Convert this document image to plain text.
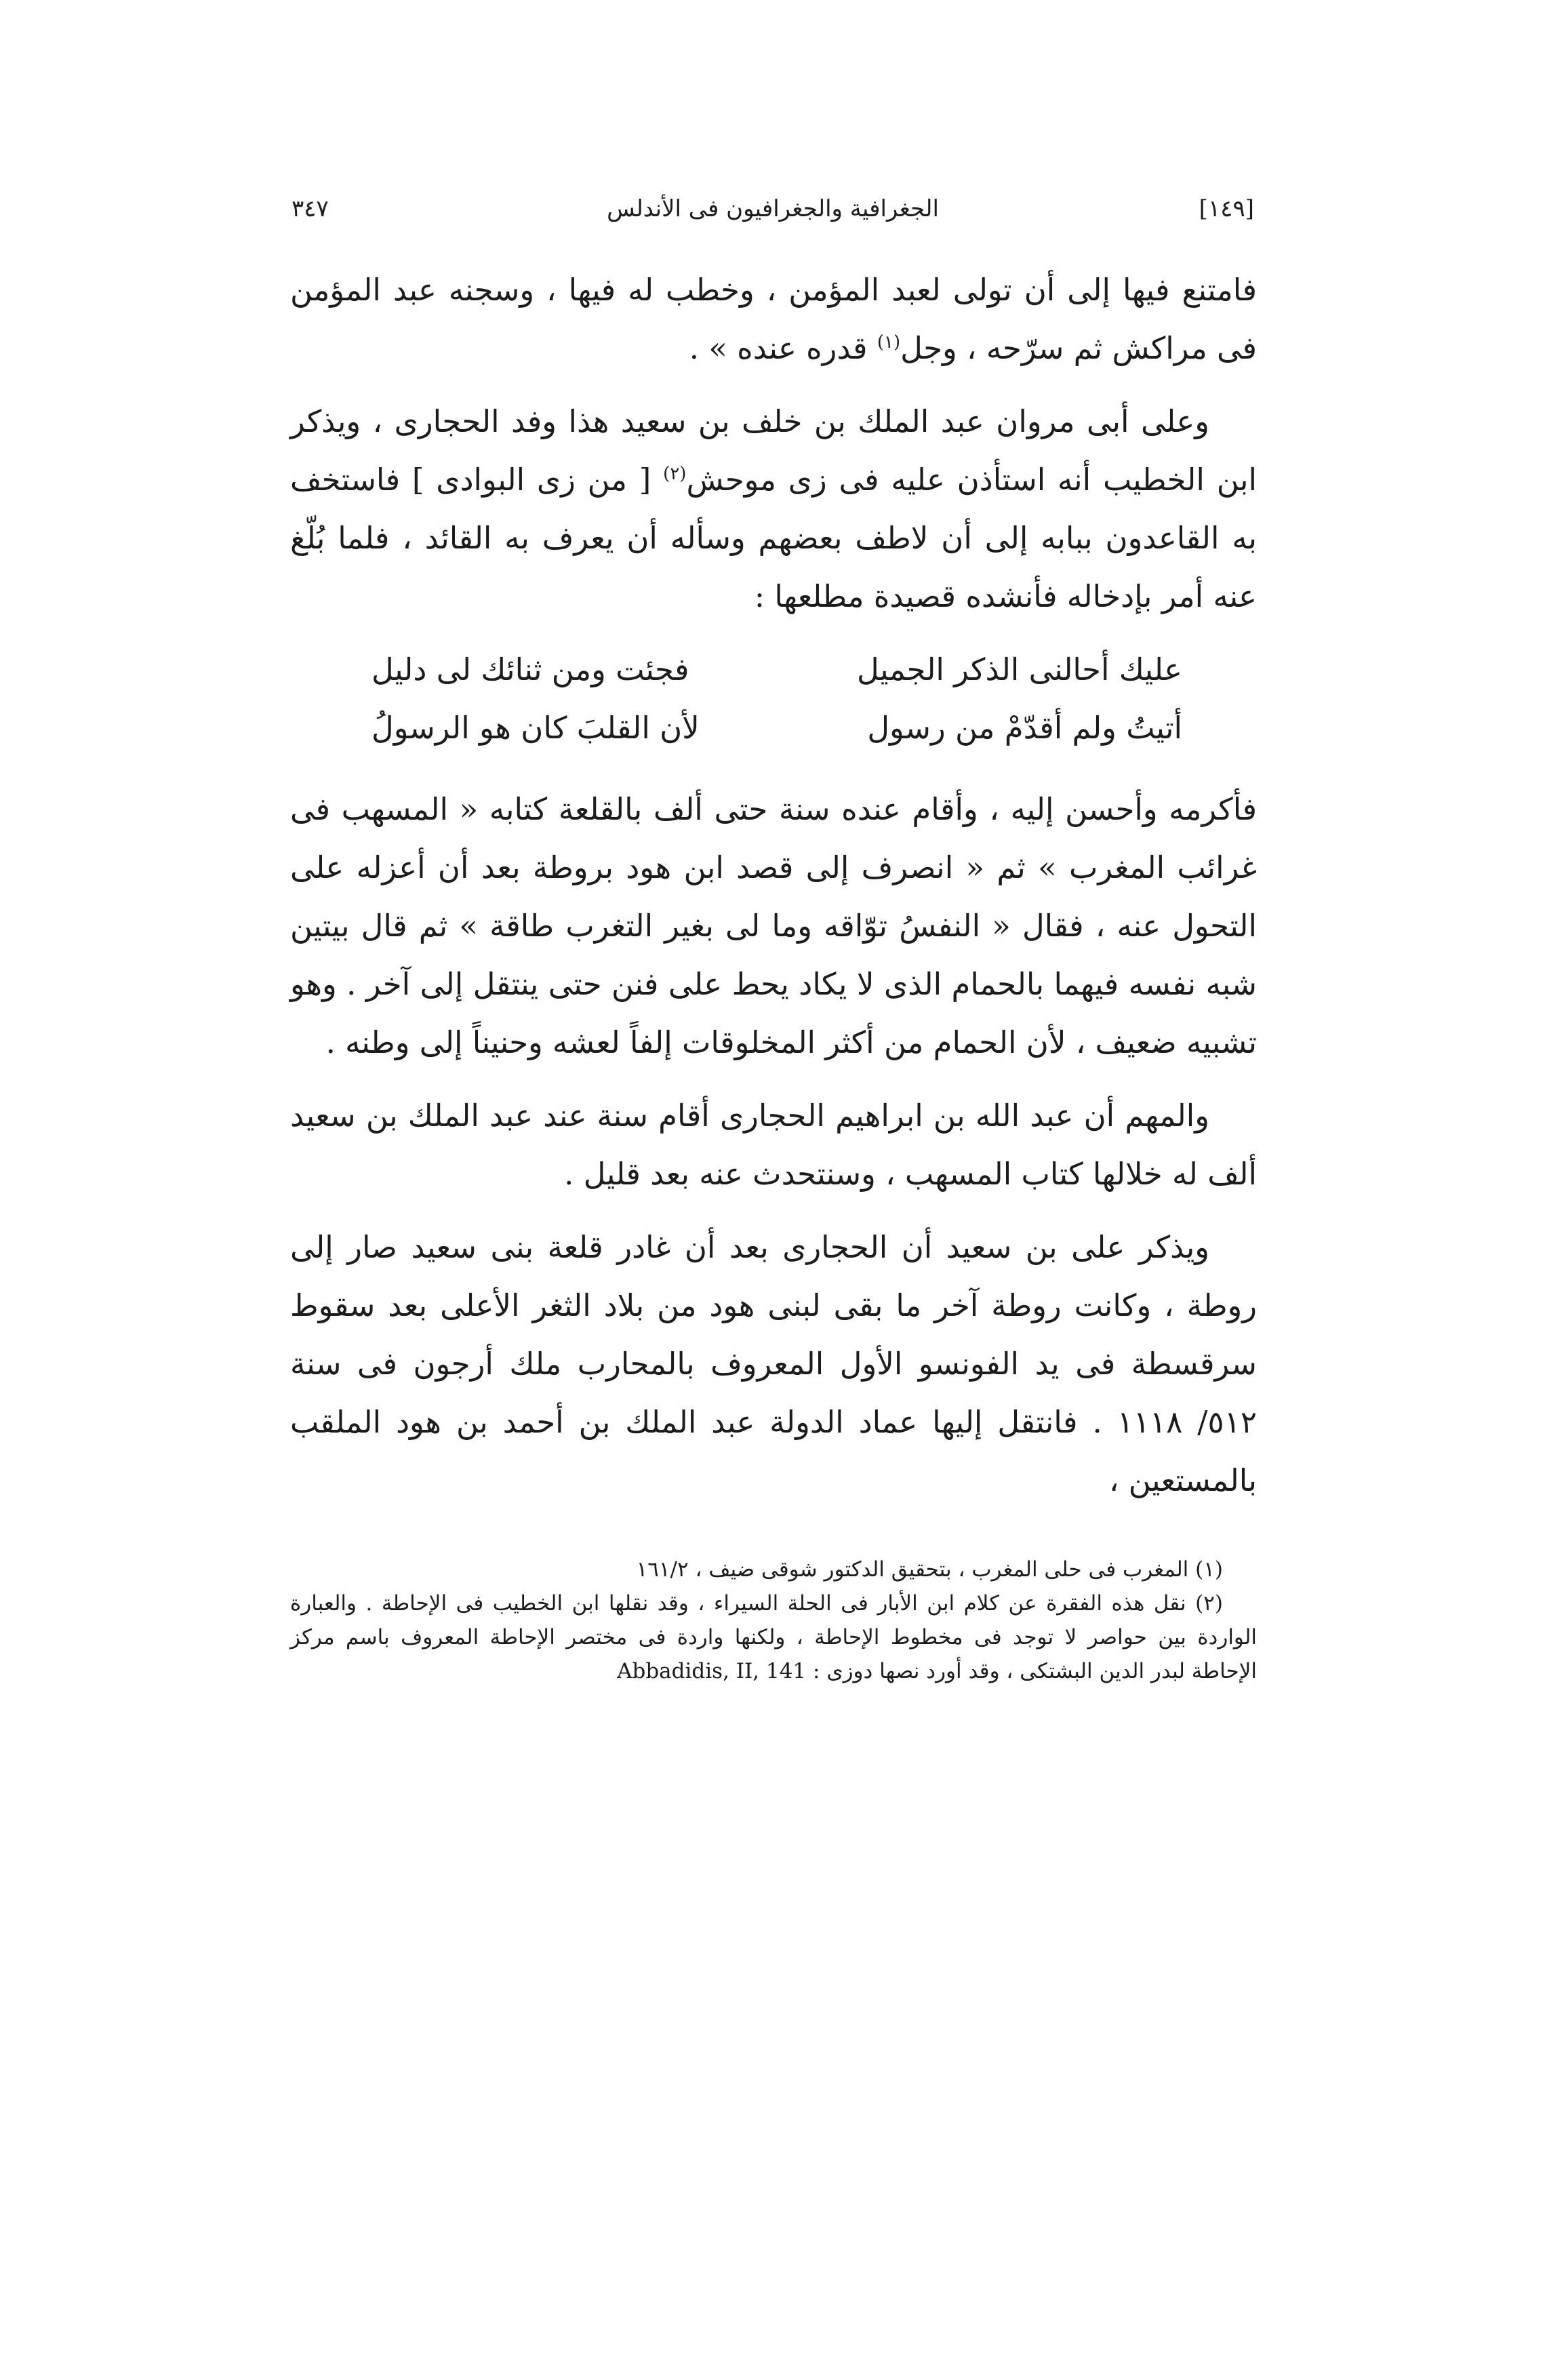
٣٤٧	الجغرافية والجغرافيون فى الأندلس	[١٤٩]

فامتنع فيها إلى أن تولى لعبد المؤمن ، وخطب له فيها ، وسجنه عبد المؤمن فى مراكش ثم سرّحه ، وجل$^{(١)}$ قدره عنده » .

وعلى أبى مروان عبد الملك بن خلف بن سعيد هذا وفد الحجارى ، ويذكر ابن الخطيب أنه استأذن عليه فى زى موحش$^{(٢)}$ [ من زى البوادى ] فاستخف به القاعدون ببابه إلى أن لاطف بعضهم وسأله أن يعرف به القائد ، فلما بُلّغ عنه أمر بإدخاله فأنشده قصيدة مطلعها :

عليك أحالنى الذكر الجميل
فجئت ومن ثنائك لى دليل
أتيتُ ولم أقدّمْ من رسول
لأن القلبَ كان هو الرسولُ

فأكرمه وأحسن إليه ، وأقام عنده سنة حتى ألف بالقلعة كتابه « المسهب فى غرائب المغرب » ثم « انصرف إلى قصد ابن هود بروطة بعد أن أعزله على التحول عنه ، فقال « النفسُ توّاقه وما لى بغير التغرب طاقة » ثم قال بيتين شبه نفسه فيهما بالحمام الذى لا يكاد يحط على فنن حتى ينتقل إلى آخر . وهو تشبيه ضعيف ، لأن الحمام من أكثر المخلوقات إلفاً لعشه وحنيناً إلى وطنه .

والمهم أن عبد الله بن ابراهيم الحجارى أقام سنة عند عبد الملك بن سعيد ألف له خلالها كتاب المسهب ، وسنتحدث عنه بعد قليل .

ويذكر على بن سعيد أن الحجارى بعد أن غادر قلعة بنى سعيد صار إلى روطة ، وكانت روطة آخر ما بقى لبنى هود من بلاد الثغر الأعلى بعد سقوط سرقسطة فى يد الفونسو الأول المعروف بالمحارب ملك أرجون فى سنة ٥١٢/ ١١١٨ . فانتقل إليها عماد الدولة عبد الملك بن أحمد بن هود الملقب بالمستعين ،

(١) المغرب فى حلى المغرب ، بتحقيق الدكتور شوقى ضيف ، ١٦١/٢

(٢) نقل هذه الفقرة عن كلام ابن الأبار فى الحلة السيراء ، وقد نقلها ابن الخطيب فى الإحاطة . والعبارة الواردة بين حواصر لا توجد فى مخطوط الإحاطة ، ولكنها واردة فى مختصر الإحاطة المعروف باسم مركز الإحاطة لبدر الدين البشتكى ، وقد أورد نصها دوزى : Abbadidis, II, 141
